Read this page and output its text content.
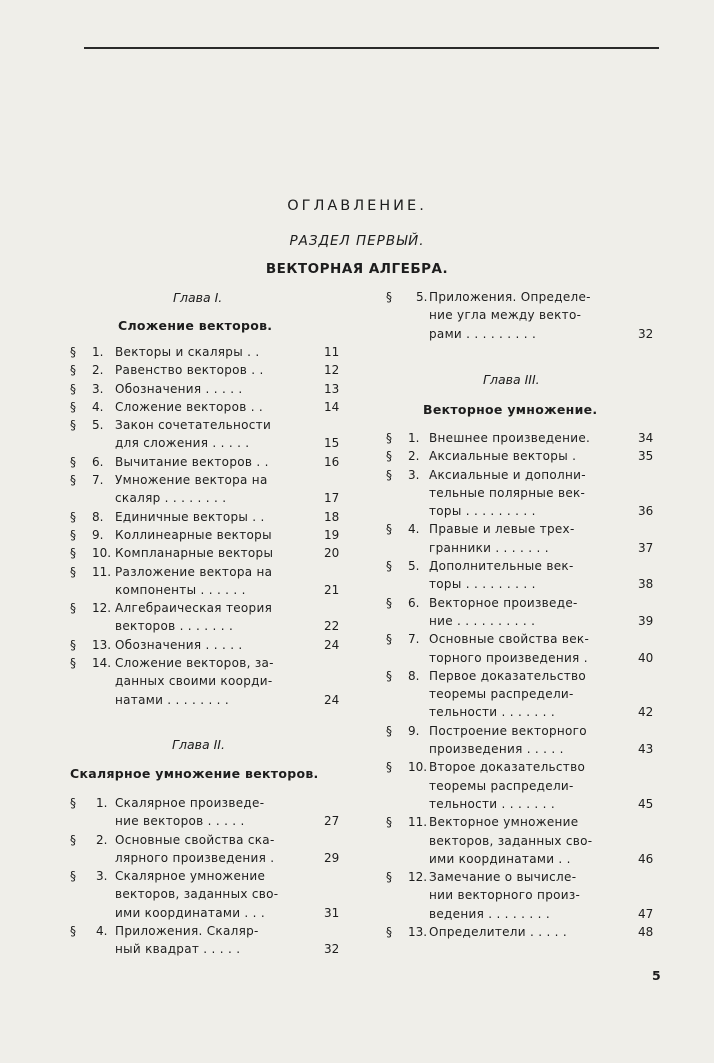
ОГЛАВЛЕНИЕ.
РАЗДЕЛ ПЕРВЫЙ.
ВЕКТОРНАЯ АЛГЕБРА.
Глава I.
Сложение векторов.
§ 1. Векторы и скаляры . .	11
§ 2. Равенство векторов . .	12
§ 3. Обозначения . . . . .	13
§ 4. Сложение векторов . .	14
§ 5. Закон сочетательности
для сложения . . . . .	15
§ 6. Вычитание векторов . .	16
§ 7. Умножение вектора на
скаляр . . . . . . . .	17
§ 8. Единичные векторы . .	18
§ 9. Коллинеарные векторы	19
§ 10. Компланарные векторы	20
§ 11. Разложение вектора на
компоненты . . . . . .	21
§ 12. Алгебраическая теория
векторов . . . . . . .	22
§ 13. Обозначения . . . . .	24
§ 14. Сложение векторов, за-
данных своими коорди-
натами . . . . . . . .	24
Глава II.
Скалярное умножение векторов.
§ 1. Скалярное произведе-
ние векторов . . . . .	27
§ 2. Основные свойства ска-
лярного произведения .	29
§ 3. Скалярное умножение
векторов, заданных сво-
ими координатами . . .	31
§ 4. Приложения. Скаляр-
ный квадрат . . . . .	32
§ 5. Приложения. Определе-
ние угла между векто-
рами . . . . . . . . .	32
Глава III.
Векторное умножение.
§ 1. Внешнее произведение.	34
§ 2. Аксиальные векторы .	35
§ 3. Аксиальные и дополни-
тельные полярные век-
торы . . . . . . . . .	36
§ 4. Правые и левые трех-
гранники . . . . . . .	37
§ 5. Дополнительные век-
торы . . . . . . . . .	38
§ 6. Векторное произведе-
ние . . . . . . . . . .	39
§ 7. Основные свойства век-
торного произведения .	40
§ 8. Первое доказательство
теоремы распредели-
тельности . . . . . . .	42
§ 9. Построение векторного
произведения . . . . .	43
§ 10. Второе доказательство
теоремы распредели-
тельности . . . . . . .	45
§ 11. Векторное умножение
векторов, заданных сво-
ими координатами . .	46
§ 12. Замечание о вычисле-
нии векторного произ-
ведения . . . . . . . .	47
§ 13. Определители . . . . .	48
5
